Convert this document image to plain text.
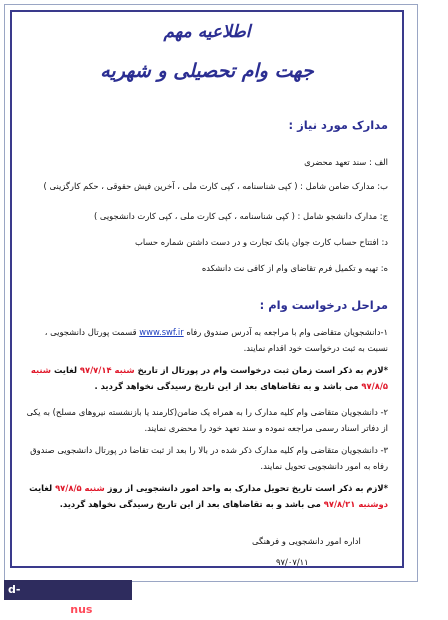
اطلاعیه مهم
جهت وام تحصیلی و شهریه
مدارک مورد نیاز :
الف : سند تعهد محضری
ب: مدارک ضامن شامل : ( کپی شناسنامه ، کپی کارت ملی ، آخرین فیش حقوقی ، حکم کارگزینی )
ج: مدارک دانشجو شامل : ( کپی شناسنامه ، کپی کارت ملی ، کپی کارت دانشجویی )
د: افتتاح حساب کارت جوان بانک تجارت و در دست داشتن شماره حساب
ه: تهیه و تکمیل فرم تقاضای وام از کافی نت دانشکده
مراحل درخواست وام :
۱-دانشجویان متقاضی وام با مراجعه به آدرس صندوق رفاه www.swf.ir قسمت پورتال دانشجویی ، نسبت به ثبت درخواست خود اقدام نمایند.
*لازم به ذکر است زمان ثبت درخواست وام در پورتال از تاریخ شنبه ۹۷/۷/۱۴ لغایت شنبه ۹۷/۸/۵ می باشد و به تقاضاهای بعد از این تاریخ رسیدگی نخواهد گردید .
۲- دانشجویان متقاضی وام کلیه مدارک را به همراه یک ضامن(کارمند یا بازنشسته نیروهای مسلح) به یکی از دفاتر اسناد رسمی مراجعه نموده و سند تعهد خود را محضری نمایند.
۳- دانشجویان متقاضی وام کلیه مدارک ذکر شده در بالا را بعد از ثبت تقاضا در پورتال دانشجویی صندوق رفاه به امور دانشجویی تحویل نمایند.
*لازم به ذکر است تاریخ تحویل مدارک به واحد امور دانشجویی از روز شنبه ۹۷/۸/۵ لغایت دوشنبه ۹۷/۸/۲۱ می باشد و به تقاضاهای بعد از این تاریخ رسیدگی نخواهد گردید.
اداره امور دانشجویی و فرهنگی
۹۷/۰۷/۱۱
d-shahrood.nus.ac.ir
